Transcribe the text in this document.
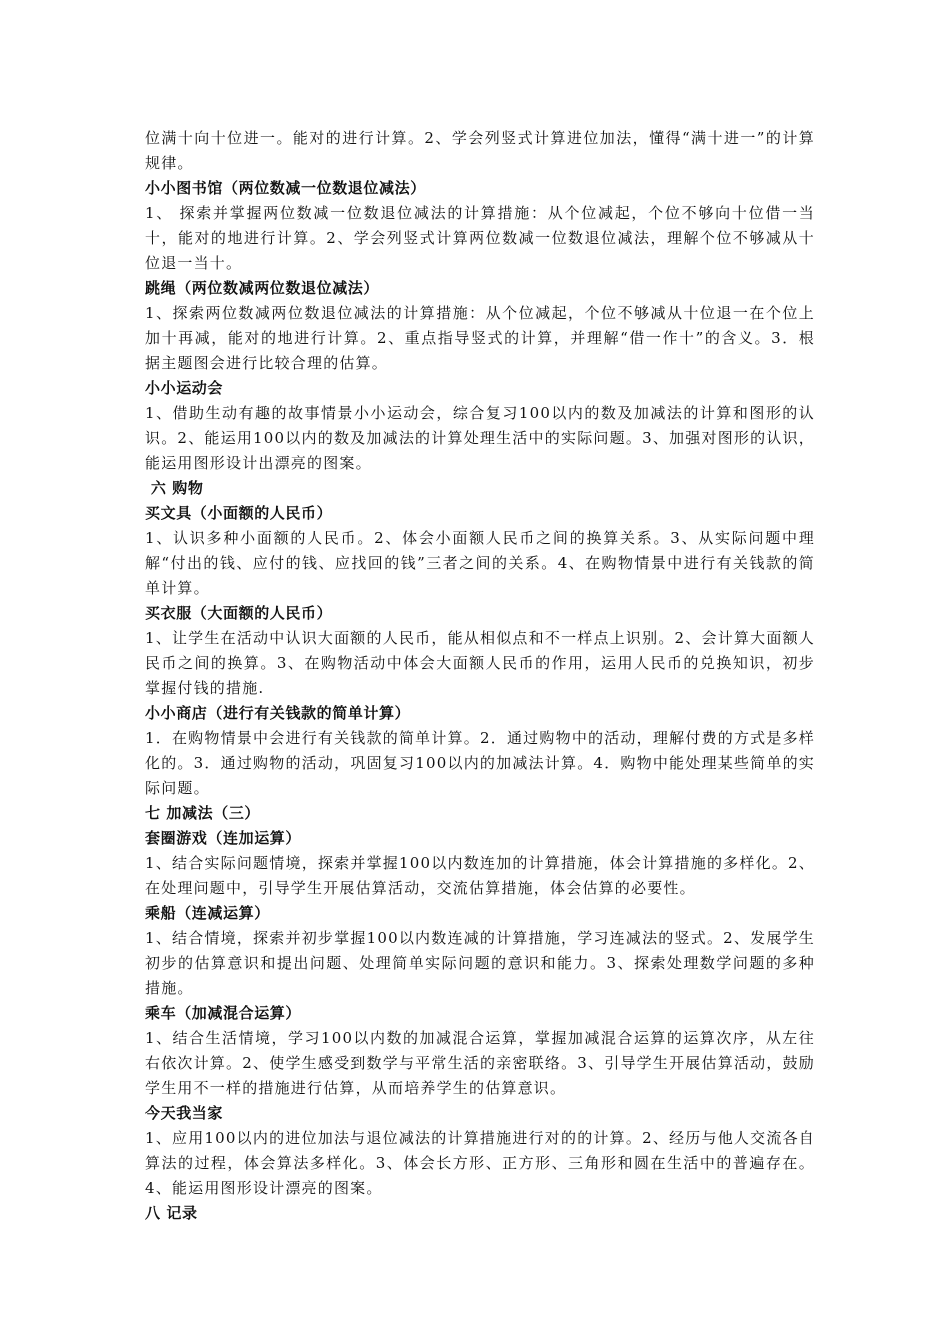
位满十向十位进一。能对的进行计算。2、学会列竖式计算进位加法，懂得“满十进一”的计算规律。

小小图书馆（两位数减一位数退位减法）

1、 探索并掌握两位数减一位数退位减法的计算措施：从个位减起，个位不够向十位借一当十，能对的地进行计算。2、学会列竖式计算两位数减一位数退位减法，理解个位不够减从十位退一当十。

跳绳（两位数减两位数退位减法）

1、探索两位数减两位数退位减法的计算措施：从个位减起，个位不够减从十位退一在个位上加十再减，能对的地进行计算。2、重点指导竖式的计算，并理解“借一作十”的含义。3．根据主题图会进行比较合理的估算。

小小运动会

1、借助生动有趣的故事情景小小运动会，综合复习100以内的数及加减法的计算和图形的认识。2、能运用100以内的数及加减法的计算处理生活中的实际问题。3、加强对图形的认识，能运用图形设计出漂亮的图案。

六 购物

买文具（小面额的人民币）

1、认识多种小面额的人民币。2、体会小面额人民币之间的换算关系。3、从实际问题中理解“付出的钱、应付的钱、应找回的钱”三者之间的关系。4、在购物情景中进行有关钱款的简单计算。

买衣服（大面额的人民币）

1、让学生在活动中认识大面额的人民币，能从相似点和不一样点上识别。2、会计算大面额人民币之间的换算。3、在购物活动中体会大面额人民币的作用，运用人民币的兑换知识，初步掌握付钱的措施.

小小商店（进行有关钱款的简单计算）

1．在购物情景中会进行有关钱款的简单计算。2．通过购物中的活动，理解付费的方式是多样化的。3．通过购物的活动，巩固复习100以内的加减法计算。4．购物中能处理某些简单的实际问题。

七 加减法（三）

套圈游戏（连加运算）

1、结合实际问题情境，探索并掌握100以内数连加的计算措施，体会计算措施的多样化。2、在处理问题中，引导学生开展估算活动，交流估算措施，体会估算的必要性。

乘船（连减运算）

1、结合情境，探索并初步掌握100以内数连减的计算措施，学习连减法的竖式。2、发展学生初步的估算意识和提出问题、处理简单实际问题的意识和能力。3、探索处理数学问题的多种措施。

乘车（加减混合运算）

1、结合生活情境，学习100以内数的加减混合运算，掌握加减混合运算的运算次序，从左往右依次计算。2、使学生感受到数学与平常生活的亲密联络。3、引导学生开展估算活动，鼓励学生用不一样的措施进行估算，从而培养学生的估算意识。

今天我当家

1、应用100以内的进位加法与退位减法的计算措施进行对的的计算。2、经历与他人交流各自算法的过程，体会算法多样化。3、体会长方形、正方形、三角形和圆在生活中的普遍存在。4、能运用图形设计漂亮的图案。

八 记录
